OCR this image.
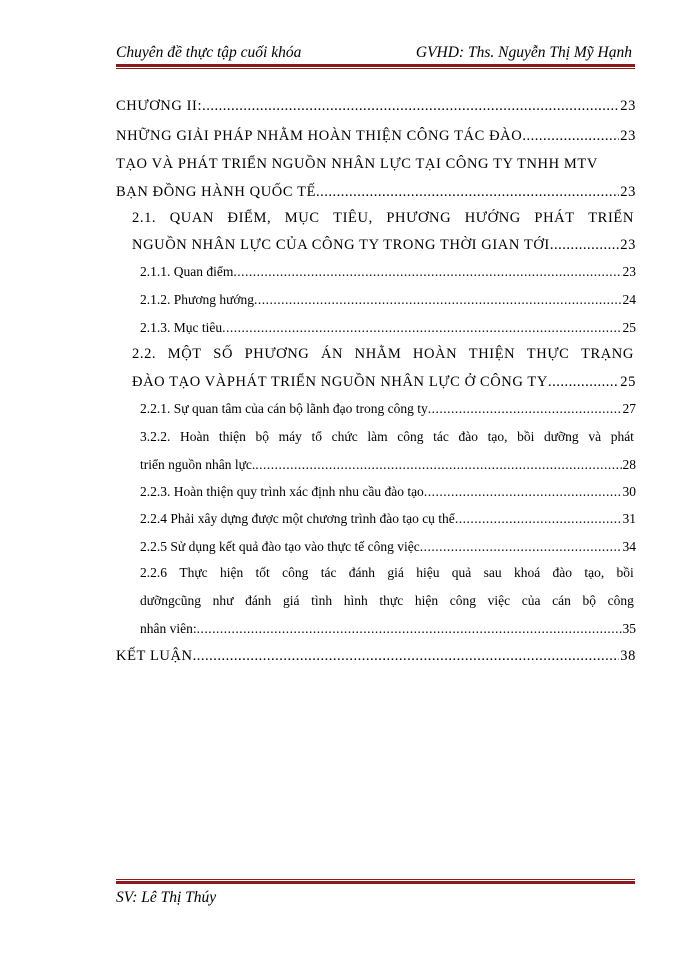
Chuyên đề thực tập cuối khóa	GVHD: Ths. Nguyễn Thị Mỹ Hạnh
CHƯƠNG II: .....	23
NHỮNG GIẢI PHÁP NHẰM HOÀN THIỆN CÔNG TÁC ĐÀO .....	23
TẠO VÀ PHÁT TRIỂN NGUỒN NHÂN LỰC TẠI CÔNG TY TNHH MTV
BẠN ĐỒNG HÀNH QUỐC TẾ .....	23
2.1. QUAN ĐIỂM, MỤC TIÊU, PHƯƠNG HƯỚNG PHÁT TRIỂN
NGUỒN NHÂN LỰC CỦA CÔNG TY TRONG THỜI GIAN TỚI .....	23
2.1.1. Quan điểm .....	23
2.1.2. Phương hướng .....	24
2.1.3. Mục tiêu .....	25
2.2. MỘT SỐ PHƯƠNG ÁN NHẰM HOÀN THIỆN THỰC TRẠNG
ĐÀO TẠO VÀPHÁT TRIỂN NGUỒN NHÂN LỰC Ở CÔNG TY .....	25
2.2.1. Sự quan tâm của cán bộ lãnh đạo trong công ty .....	27
3.2.2. Hoàn thiện bộ máy tổ chức làm công tác đào tạo, bồi dưỡng và phát
triển nguồn nhân lực. .....	28
2.2.3. Hoàn thiện quy trình xác định nhu cầu đào tạo .....	30
2.2.4 Phải xây dựng được một chương trình đào tạo cụ thể .....	31
2.2.5 Sử dụng kết quả đào tạo vào thực tế công việc .....	34
2.2.6 Thực hiện tốt công tác đánh giá hiệu quả sau khoá đào tạo, bồi
dưỡngcũng như đánh giá tình hình thực hiện công việc của cán bộ công
nhân viên: .....	35
KẾT LUẬN .....	38
SV: Lê Thị Thúy
